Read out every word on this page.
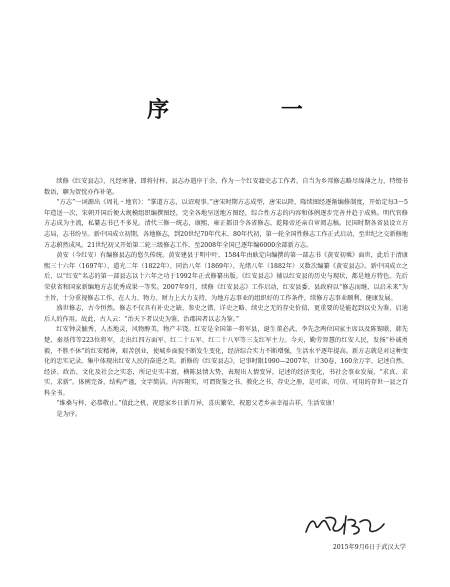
序 一

续修《红安县志》，凡经寒暑，即将付梓，县志办遣序于余，作为一个红安籍史志工作者，自当为乡邦修志略尽绵薄之力，特缀书数语，聊为贺忱亦作补笔。

“方志”一词源出《周礼・地官》：“掌道方志，以诏观事。”唐宋时期方志成型，唐宋以降，隆续图经逐渐编修制度，开始定每3～5年造送一次，宋朝开国后便大规模组织编撰图经，完全各地呈送地方图经，综合性方志的内容和体例逐步完善并趋于成熟。明代官修方志成为主流，私纂志书已不多见。清代三修一统志，康熙、雍正都诏令各省修志，乾隆帝还亲自审阅志稿。民国时期各省县设立方志局，志书纷呈。新中国成立初期，各地修志，到20世纪70年代末、80年代初，第一轮全国性修志工作正式启动，至世纪之交新修地方志蔚然成风。21世纪初又开始第二轮三级修志工作，至2008年全国已逐年编6000余部新方志。

黄安（今红安）有编修县志的悠久传统。黄安建县于明中叶，1584年由耿定向编撰的第一部志书《黄安初乘》面世，此后于清康熙三十六年（1697年）、道光二年（1822年）、同治八年（1869年）、光绪八年（1882年）又数次编纂《黄安县志》。新中国成立之后，以“红安”名志的第一部县志以十六年之功于1992年正式修纂出版。《红安县志》辅以红安县的历史与现状，都是地方特色。先后荣获省和国家新编地方志优秀成果一等奖。2007年9月，续修《红安县志》工作启动，红安县委、县政府以“修志而继、以启未来”为主旨，十分重视修志工作，在人力、物力、财力上大力支持，为地方志事业的组织好的工作条件，续修方志事业顺利、健康发展。

盛世修志，古今恒然。修志不仅具有补史之缺、参史之错、详史之略、续史之无的存史价值，更重要的是能起到以史为鉴、启迪后人的作用。故此，古人云：“治天下者以史为鉴，治郡国者以志为鉴。”

红安钟灵毓秀，人杰地灵，风物醇美，物产丰饶。红安是全国第一将军县，诞生董必武、李先念两位国家主席以及陈锡联、韩先楚、秦基伟等223位将军，走出红四方面军、红二十五军、红二十八军等三支红军主力。今天，勤劳智慧的红安人民，发扬“朴诚勇毅，不胜不休”的红安精神，艰苦创业，使城乡面貌不断发生变化，经济综合实力不断增强，生活水平逐年提高。新方志就是对这种变化的忠实记录。集中体现出红安人民的奋进之美。新修的《红安县志》，记事时限1990—2007年，计30卷，160余万字，记述自然、经济、政治、文化及社会之实态，所记史实丰富，横陈县情大势，表现出人情变异，记述的经济变化，书社会事业发展，“求真、求实、求新”。体例完备，结构严谨，文字简洁。内容翔实，可谓资鉴之书、教化之书、存史之册，是可读、可信、可用的存世一县之百科全书。

“维桑与梓，必恭敬止。”值此之机，祝愿家乡日新月异，喜庆繁荣，祝愿父老乡亲幸福吉祥，生活安康！

是为序。

2015年9月6日于武汉大学
